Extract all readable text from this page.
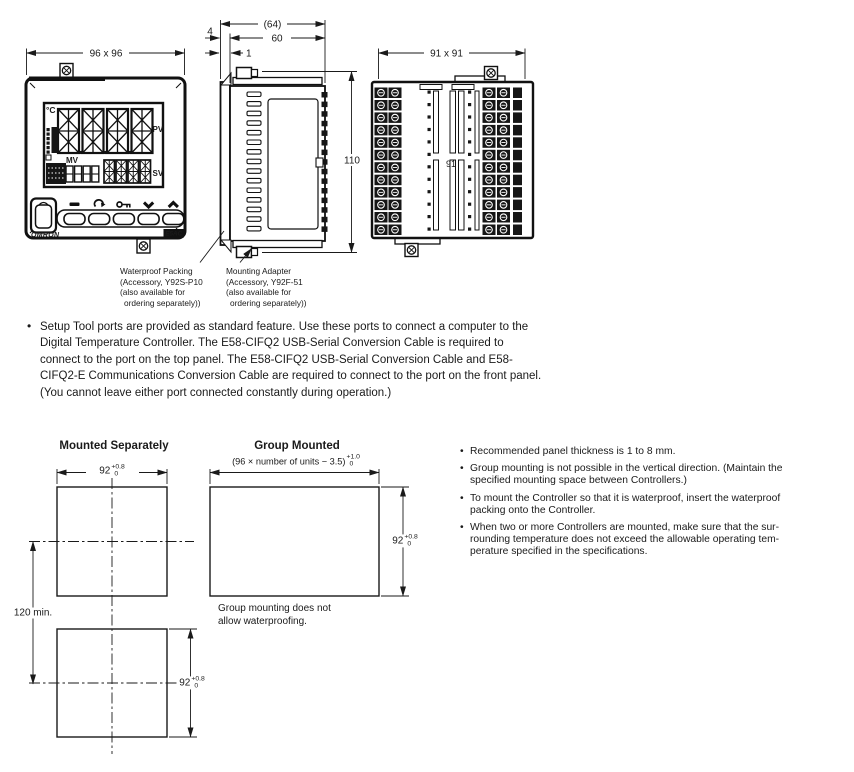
°C
PV
SV
MV
OMRON	E5AC
96 x 96
(64)
60
4
1
110	91
91 x 91
Waterproof Packing
(Accessory, Y92S-P10
(also available for
ordering separately))
Mounting Adapter
(Accessory, Y92F-51
(also available for
ordering separately))
• Setup Tool ports are provided as standard feature. Use these ports to connect a computer to the
Digital Temperature Controller. The E58-CIFQ2 USB-Serial Conversion Cable is required to
connect to the port on the top panel. The E58-CIFQ2 USB-Serial Conversion Cable and E58-
CIFQ2-E Communications Conversion Cable are required to connect to the port on the front panel.
(You cannot leave either port connected constantly during operation.)
Mounted Separately	Group Mounted
(96 × number of units − 3.5) +1.0
0
92 +0.8
0
92 +0.8
0
92 +0.8
0
120 min.	Group mounting does not
allow waterproofing.
• Recommended panel thickness is 1 to 8 mm.
• Group mounting is not possible in the vertical direction. (Maintain the
specified mounting space between Controllers.)
• To mount the Controller so that it is waterproof, insert the waterproof
packing onto the Controller.
• When two or more Controllers are mounted, make sure that the sur-
rounding temperature does not exceed the allowable operating tem-
perature specified in the specifications.
